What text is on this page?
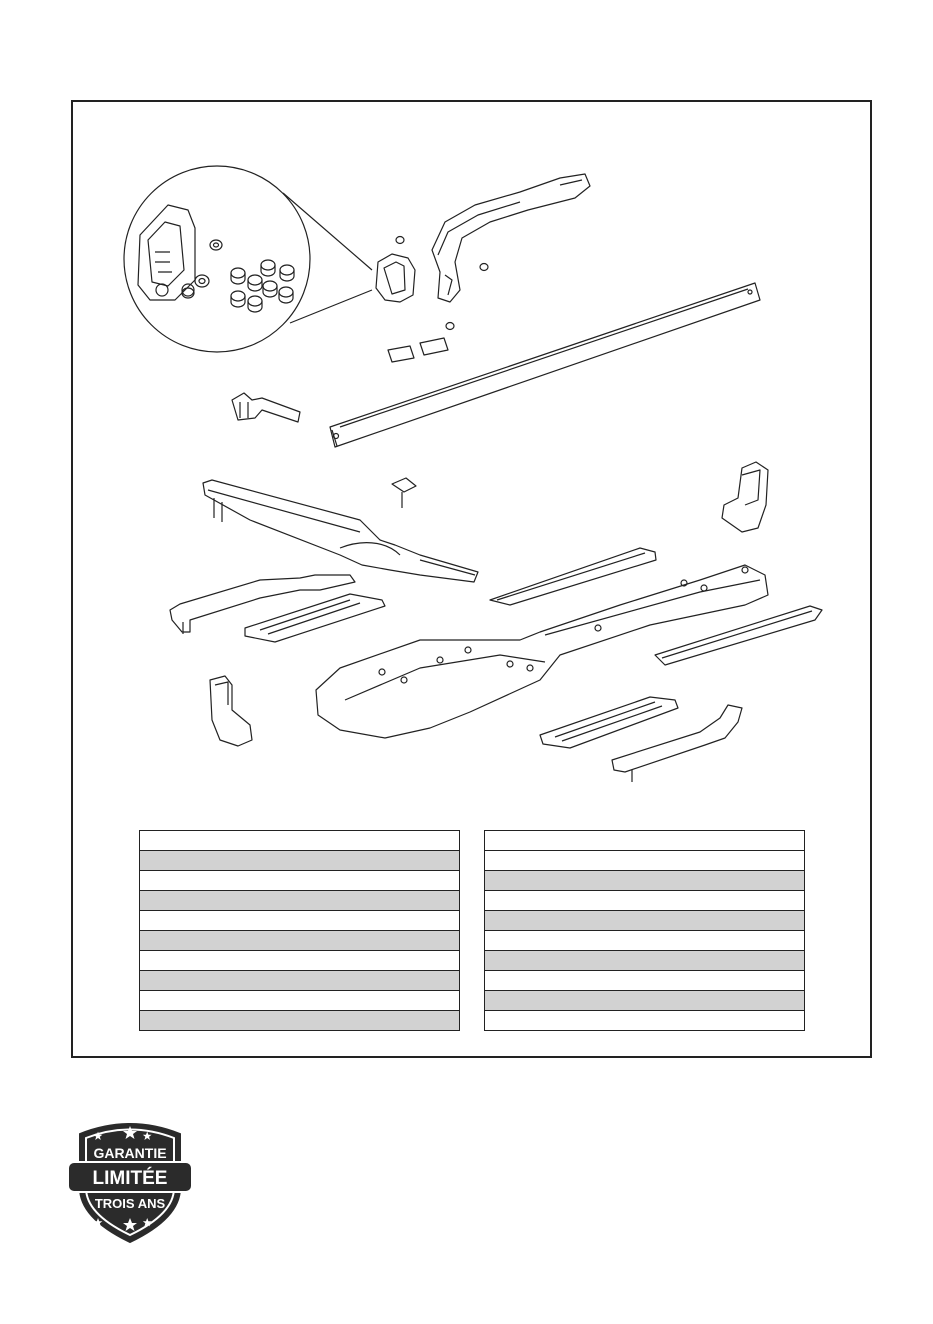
GARANTIE
LIMITÉE
TROIS ANS
